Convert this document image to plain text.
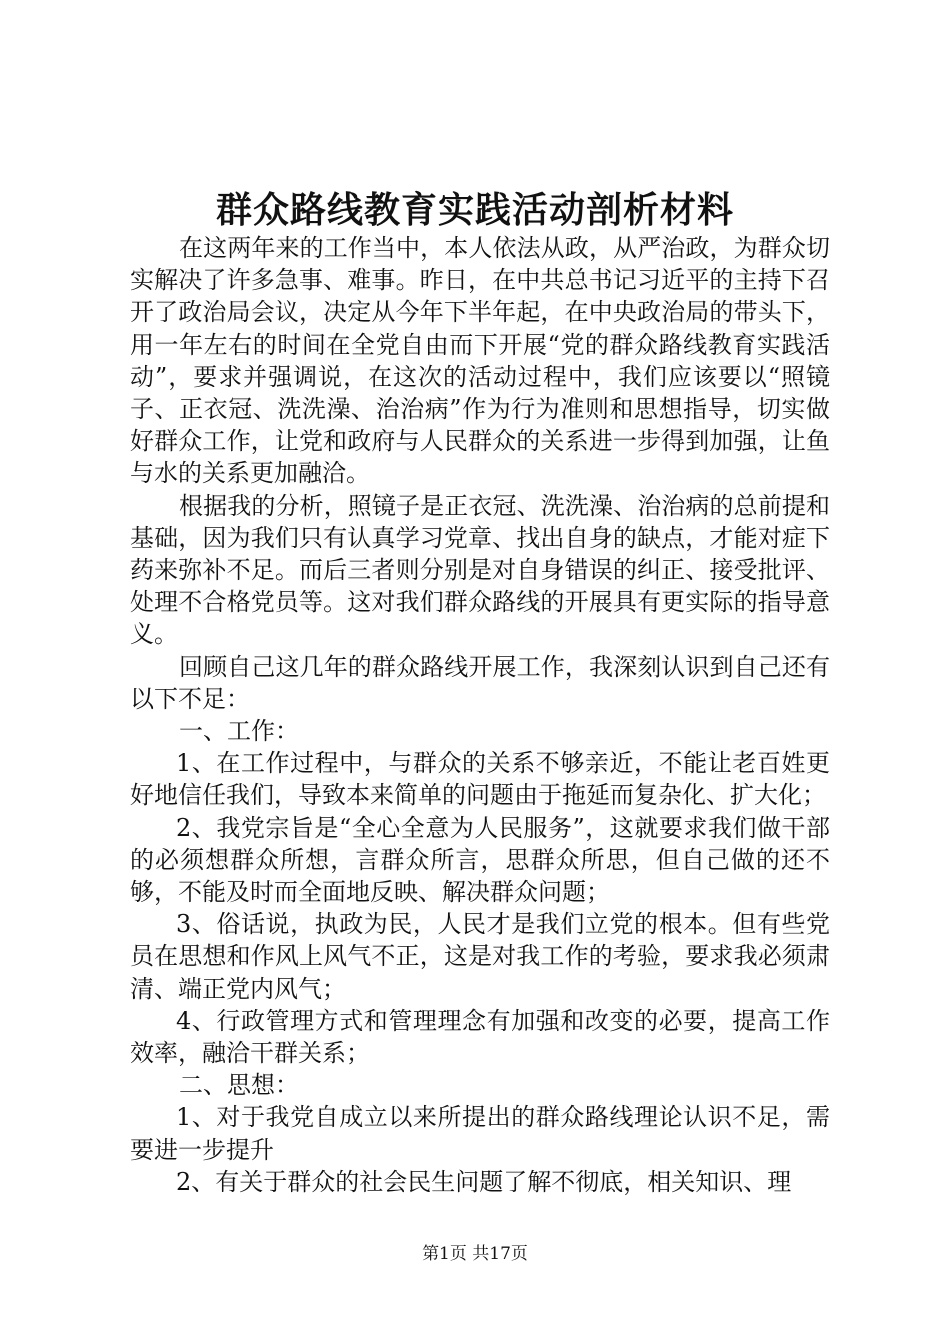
群众路线教育实践活动剖析材料

在这两年来的工作当中，本人依法从政，从严治政，为群众切实解决了许多急事、难事。昨日，在中共总书记习近平的主持下召开了政治局会议，决定从今年下半年起，在中央政治局的带头下，用一年左右的时间在全党自由而下开展“党的群众路线教育实践活动”，要求并强调说，在这次的活动过程中，我们应该要以“照镜子、正衣冠、洗洗澡、治治病”作为行为准则和思想指导，切实做好群众工作，让党和政府与人民群众的关系进一步得到加强，让鱼与水的关系更加融洽。

根据我的分析，照镜子是正衣冠、洗洗澡、治治病的总前提和基础，因为我们只有认真学习党章、找出自身的缺点，才能对症下药来弥补不足。而后三者则分别是对自身错误的纠正、接受批评、处理不合格党员等。这对我们群众路线的开展具有更实际的指导意义。

回顾自己这几年的群众路线开展工作，我深刻认识到自己还有以下不足：

一、工作：

1、在工作过程中，与群众的关系不够亲近，不能让老百姓更好地信任我们，导致本来简单的问题由于拖延而复杂化、扩大化；

2、我党宗旨是“全心全意为人民服务”，这就要求我们做干部的必须想群众所想，言群众所言，思群众所思，但自己做的还不够，不能及时而全面地反映、解决群众问题；

3、俗话说，执政为民，人民才是我们立党的根本。但有些党员在思想和作风上风气不正，这是对我工作的考验，要求我必须肃清、端正党内风气；

4、行政管理方式和管理理念有加强和改变的必要，提高工作效率，融洽干群关系；

二、思想：

1、对于我党自成立以来所提出的群众路线理论认识不足，需要进一步提升

2、有关于群众的社会民生问题了解不彻底，相关知识、理

第1页 共17页
